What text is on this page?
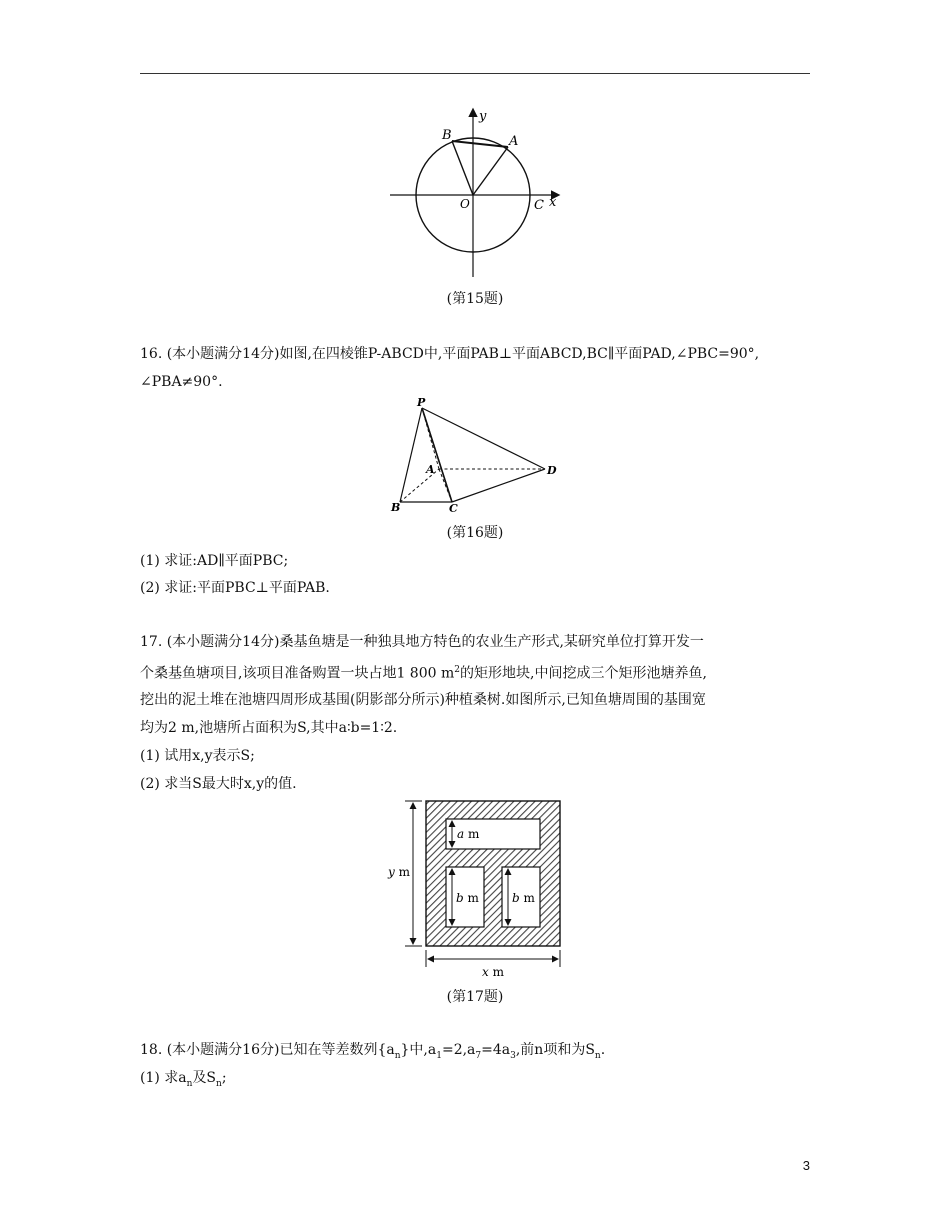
B	A
y
O	C x
(第15题)
16. (本小题满分14分)如图,在四棱锥P-ABCD中,平面PAB⊥平面ABCD,BC∥平面PAD,∠PBC=90°,
∠PBA≠90°.
P
A
B	C
D
(第16题)
(1) 求证:AD∥平面PBC;
(2) 求证:平面PBC⊥平面PAB.
17. (本小题满分14分)桑基鱼塘是一种独具地方特色的农业生产形式,某研究单位打算开发一
个桑基鱼塘项目,该项目准备购置一块占地1 800 $m^2$的矩形地块,中间挖成三个矩形池塘养鱼,
挖出的泥土堆在池塘四周形成基围(阴影部分所示)种植桑树.如图所示,已知鱼塘周围的基围宽
均为2 m,池塘所占面积为S,其中a∶b=1∶2.
(1) 试用x,y表示S;
(2) 求当S最大时x,y的值.
a m
b m	b m
y m
x m
(第17题)
18. (本小题满分16分)已知在等差数列$\{a_n\}$中$,a_1=2,a_7=4a_3$,前n项和为$S_n$.
(1) 求$a_n$及$S_n$;
3
